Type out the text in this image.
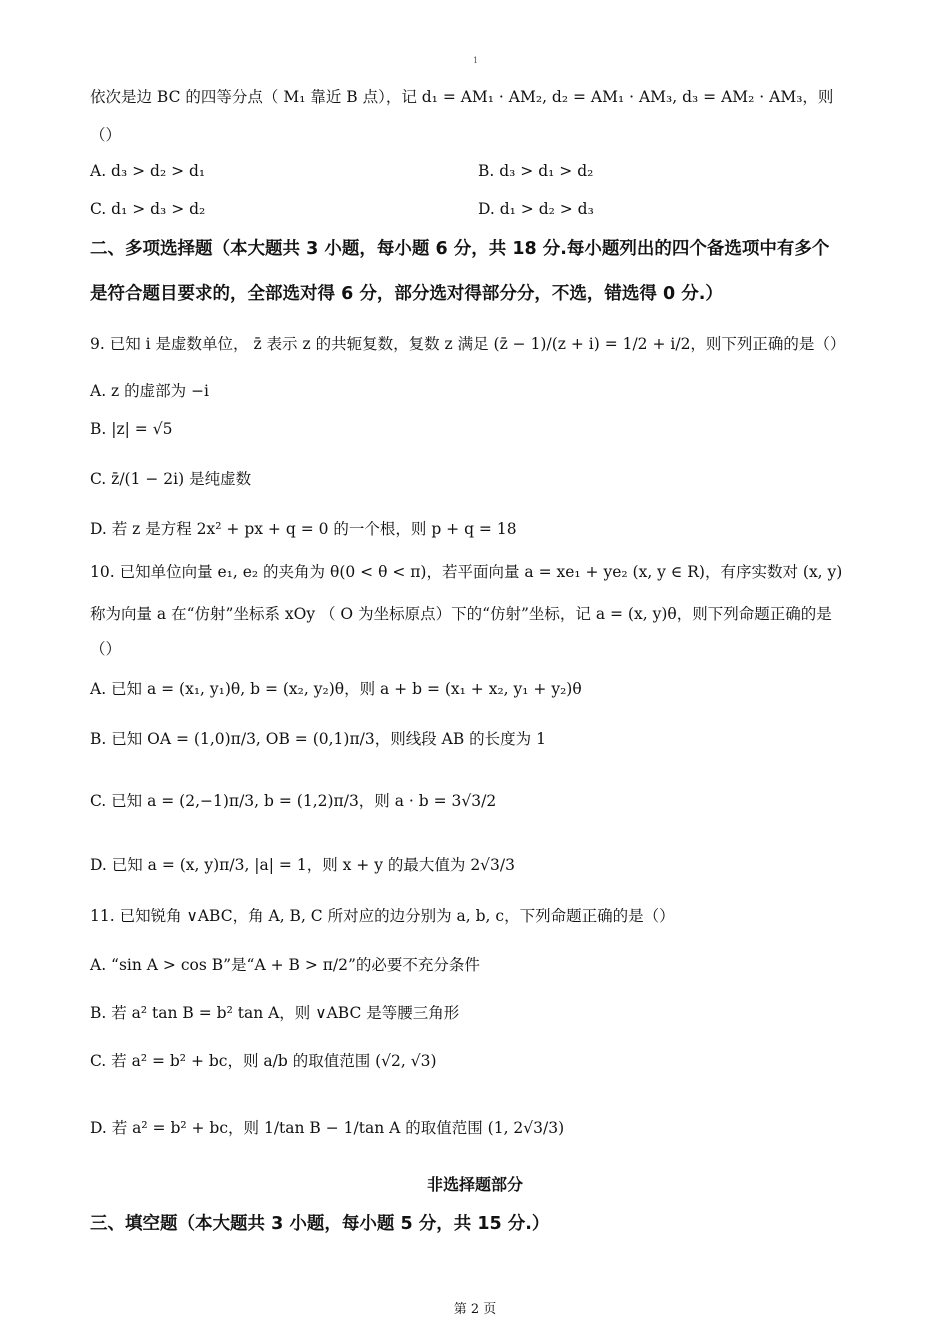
1
依次是边 BC 的四等分点（ M₁ 靠近 B 点），记 d₁ = AM₁ · AM₂, d₂ = AM₁ · AM₃, d₃ = AM₂ · AM₃，则
（）
A. d₃ > d₂ > d₁	B. d₃ > d₁ > d₂
C. d₁ > d₃ > d₂	D. d₁ > d₂ > d₃
二、多项选择题（本大题共 3 小题，每小题 6 分，共 18 分.每小题列出的四个备选项中有多个
是符合题目要求的，全部选对得 6 分，部分选对得部分分，不选，错选得 0 分.）
9. 已知 i 是虚数单位， z̄ 表示 z 的共轭复数，复数 z 满足 (z̄ − 1)/(z + i) = 1/2 + i/2，则下列正确的是（）
A. z 的虚部为 −i
B. |z| = √5
C. z̄/(1 − 2i) 是纯虚数
D. 若 z 是方程 2x² + px + q = 0 的一个根，则 p + q = 18
10. 已知单位向量 e₁, e₂ 的夹角为 θ(0 < θ < π)，若平面向量 a = xe₁ + ye₂ (x, y ∈ R)，有序实数对 (x, y)
称为向量 a 在“仿射”坐标系 xOy （ O 为坐标原点）下的“仿射”坐标，记 a = (x, y)θ，则下列命题正确的是
（）
A. 已知 a = (x₁, y₁)θ, b = (x₂, y₂)θ，则 a + b = (x₁ + x₂, y₁ + y₂)θ
B. 已知 OA = (1,0)π/3, OB = (0,1)π/3，则线段 AB 的长度为 1
C. 已知 a = (2,−1)π/3, b = (1,2)π/3，则 a · b = 3√3/2
D. 已知 a = (x, y)π/3, |a| = 1，则 x + y 的最大值为 2√3/3
11. 已知锐角 ∨ABC，角 A, B, C 所对应的边分别为 a, b, c，下列命题正确的是（）
A. “sin A > cos B”是“A + B > π/2”的必要不充分条件
B. 若 a² tan B = b² tan A，则 ∨ABC 是等腰三角形
C. 若 a² = b² + bc，则 a/b 的取值范围 (√2, √3)
D. 若 a² = b² + bc，则 1/tan B − 1/tan A 的取值范围 (1, 2√3/3)
非选择题部分
三、填空题（本大题共 3 小题，每小题 5 分，共 15 分.）
第 2 页
